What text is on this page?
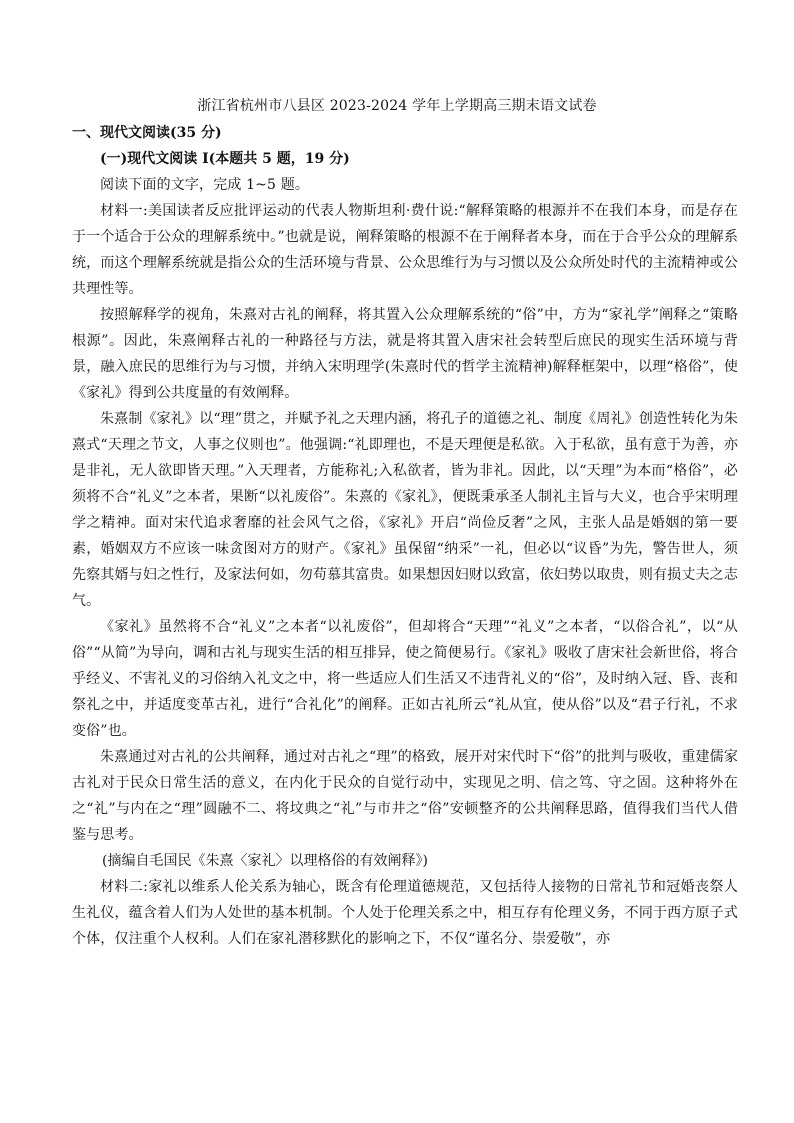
浙江省杭州市八县区 2023-2024 学年上学期高三期末语文试卷

一、现代文阅读(35 分)

(一)现代文阅读 I(本题共 5 题，19 分)

阅读下面的文字，完成 1~5 题。

材料一:美国读者反应批评运动的代表人物斯坦利·费什说:“解释策略的根源并不在我们本身，而是存在于一个适合于公众的理解系统中。”也就是说，阐释策略的根源不在于阐释者本身，而在于合乎公众的理解系统，而这个理解系统就是指公众的生活环境与背景、公众思维行为与习惯以及公众所处时代的主流精神或公共理性等。

按照解释学的视角，朱熹对古礼的阐释，将其置入公众理解系统的“俗”中，方为“家礼学”阐释之“策略根源”。因此，朱熹阐释古礼的一种路径与方法，就是将其置入唐宋社会转型后庶民的现实生活环境与背景，融入庶民的思维行为与习惯，并纳入宋明理学(朱熹时代的哲学主流精神)解释框架中，以理“格俗”，使《家礼》得到公共度量的有效阐释。

朱熹制《家礼》以“理”贯之，并赋予礼之天理内涵，将孔子的道德之礼、制度《周礼》创造性转化为朱熹式“天理之节文，人事之仪则也”。他强调:“礼即理也，不是天理便是私欲。入于私欲，虽有意于为善，亦是非礼，无人欲即皆天理。”入天理者，方能称礼;入私欲者，皆为非礼。因此，以“天理”为本而“格俗”，必须将不合“礼义”之本者，果断“以礼废俗”。朱熹的《家礼》，便既秉承圣人制礼主旨与大义，也合乎宋明理学之精神。面对宋代追求奢靡的社会风气之俗，《家礼》开启“尚俭反奢”之风，主张人品是婚姻的第一要素，婚姻双方不应该一味贪图对方的财产。《家礼》虽保留“纳采”一礼，但必以“议昏”为先，警告世人，须先察其婿与妇之性行，及家法何如，勿苟慕其富贵。如果想因妇财以致富，依妇势以取贵，则有损丈夫之志气。

《家礼》虽然将不合“礼义”之本者“以礼废俗”，但却将合“天理”“礼义”之本者，“以俗合礼”，以“从俗”“从简”为导向，调和古礼与现实生活的相互排异，使之简便易行。《家礼》吸收了唐宋社会新世俗，将合乎经义、不害礼义的习俗纳入礼文之中，将一些适应人们生活又不违背礼义的“俗”，及时纳入冠、昏、丧和祭礼之中，并适度变革古礼，进行“合礼化”的阐释。正如古礼所云“礼从宜，使从俗”以及“君子行礼，不求变俗”也。

朱熹通过对古礼的公共阐释，通过对古礼之“理”的格致，展开对宋代时下“俗”的批判与吸收，重建儒家古礼对于民众日常生活的意义，在内化于民众的自觉行动中，实现见之明、信之笃、守之固。这种将外在之“礼”与内在之“理”圆融不二、将坟典之“礼”与市井之“俗”安顿整齐的公共阐释思路，值得我们当代人借鉴与思考。

(摘编自毛国民《朱熹〈家礼〉以理格俗的有效阐释》)

材料二:家礼以维系人伦关系为轴心，既含有伦理道德规范，又包括待人接物的日常礼节和冠婚丧祭人生礼仪，蕴含着人们为人处世的基本机制。个人处于伦理关系之中，相互存有伦理义务，不同于西方原子式个体，仅注重个人权利。人们在家礼潜移默化的影响之下，不仅“谨名分、崇爱敬”，亦
